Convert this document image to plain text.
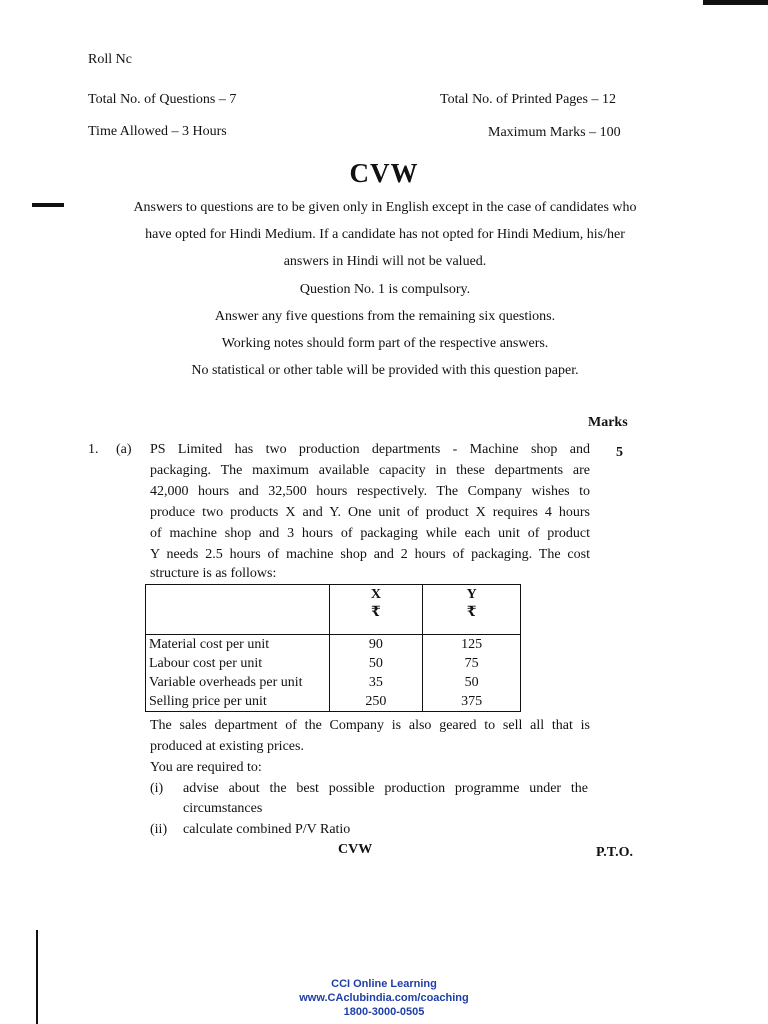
Roll Nc
Total No. of Questions – 7	Total No. of Printed Pages – 12
Time Allowed – 3 Hours	Maximum Marks – 100
CVW
Answers to questions are to be given only in English except in the case of candidates who
have opted for Hindi Medium. If a candidate has not opted for Hindi Medium, his/her
answers in Hindi will not be valued.
Question No. 1 is compulsory.
Answer any five questions from the remaining six questions.
Working notes should form part of the respective answers.
No statistical or other table will be provided with this question paper.
Marks
1. (a)	5
PS Limited has two production departments - Machine shop and
packaging. The maximum available capacity in these departments are
42,000 hours and 32,500 hours respectively. The Company wishes to
produce two products X and Y. One unit of product X requires 4 hours
of machine shop and 3 hours of packaging while each unit of product
Y needs 2.5 hours of machine shop and 2 hours of packaging. The cost
structure is as follows:
	X	Y
	₹	₹
Material cost per unit	90	125
Labour cost per unit	50	75
Variable overheads per unit	35	50
Selling price per unit	250	375
The sales department of the Company is also geared to sell all that is
produced at existing prices.
You are required to:
(i) advise about the best possible production programme under the
circumstances
(ii) calculate combined P/V Ratio
CVW	P.T.O.
CCI Online Learning
www.CAclubindia.com/coaching
1800-3000-0505
